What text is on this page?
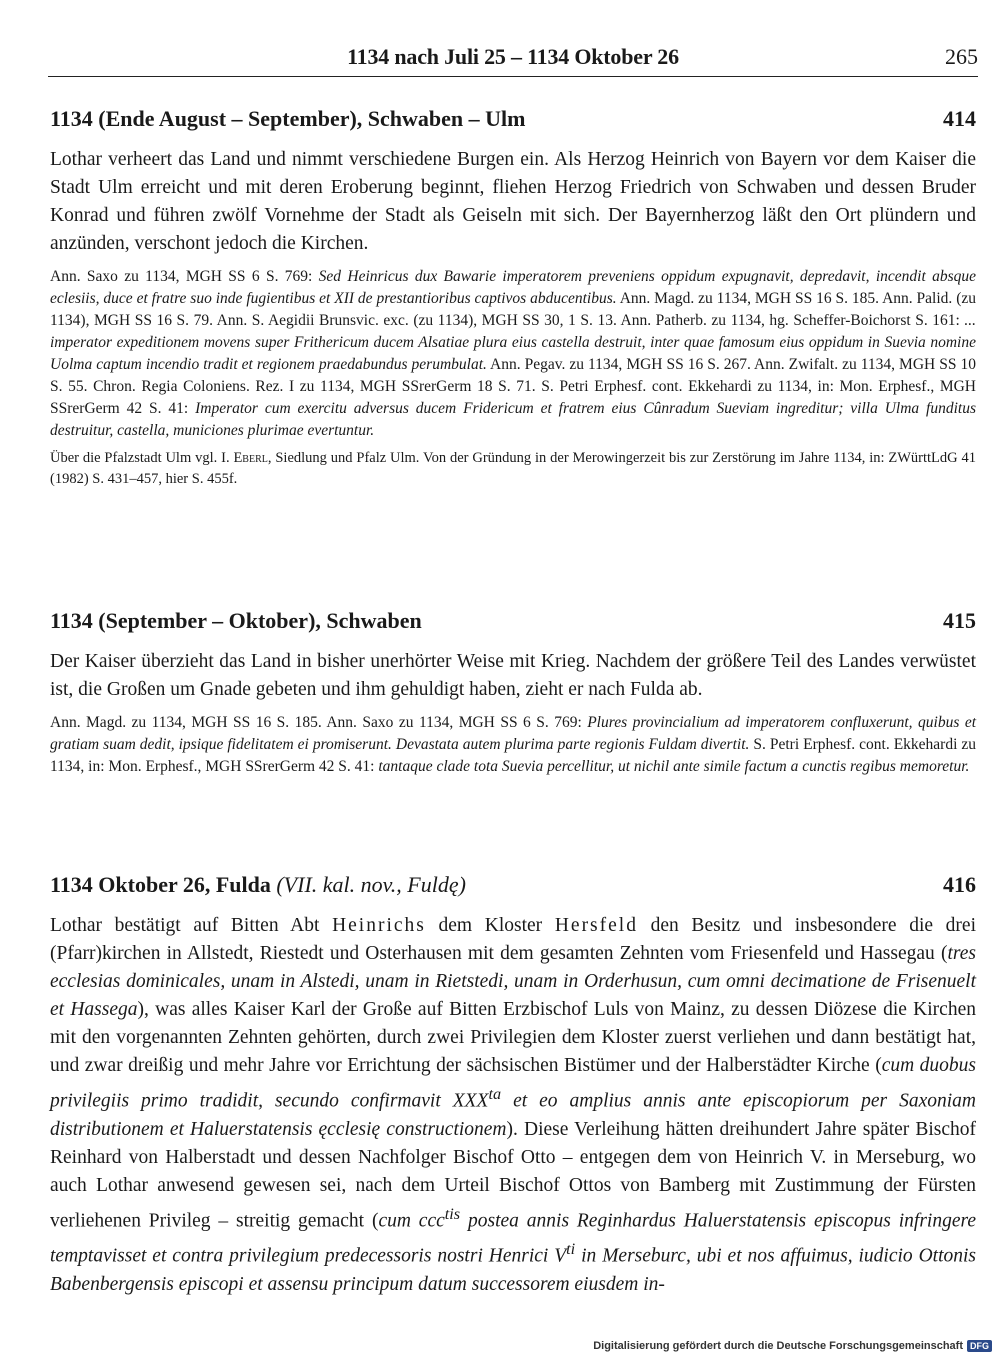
1134 nach Juli 25 – 1134 Oktober 26	265
1134 (Ende August – September), Schwaben – Ulm	414

Lothar verheert das Land und nimmt verschiedene Burgen ein. Als Herzog Heinrich von Bayern vor dem Kaiser die Stadt Ulm erreicht und mit deren Eroberung beginnt, fliehen Herzog Friedrich von Schwaben und dessen Bruder Konrad und führen zwölf Vornehme der Stadt als Geiseln mit sich. Der Bayernherzog läßt den Ort plündern und anzünden, verschont jedoch die Kirchen.

Ann. Saxo zu 1134, MGH SS 6 S. 769: Sed Heinricus dux Bawarie imperatorem preveniens oppidum expugnavit, depredavit, incendit absque eclesiis, duce et fratre suo inde fugientibus et XII de prestantioribus captivos abducentibus. Ann. Magd. zu 1134, MGH SS 16 S. 185. Ann. Palid. (zu 1134), MGH SS 16 S. 79. Ann. S. Aegidii Brunsvic. exc. (zu 1134), MGH SS 30, 1 S. 13. Ann. Patherb. zu 1134, hg. Scheffer-Boichorst S. 161: ... imperator expeditionem movens super Frithericum ducem Alsatiae plura eius castella destruit, inter quae famosum eius oppidum in Suevia nomine Uolma captum incendio tradit et regionem praedabundus perumbulat. Ann. Pegav. zu 1134, MGH SS 16 S. 267. Ann. Zwifalt. zu 1134, MGH SS 10 S. 55. Chron. Regia Coloniens. Rez. I zu 1134, MGH SSrerGerm 18 S. 71. S. Petri Erphesf. cont. Ekkehardi zu 1134, in: Mon. Erphesf., MGH SSrerGerm 42 S. 41: Imperator cum exercitu adversus ducem Fridericum et fratrem eius Cûnradum Sueviam ingreditur; villa Ulma funditus destruitur, castella, municiones plurimae evertuntur.

Über die Pfalzstadt Ulm vgl. I. Eberl, Siedlung und Pfalz Ulm. Von der Gründung in der Merowingerzeit bis zur Zerstörung im Jahre 1134, in: ZWürttLdG 41 (1982) S. 431–457, hier S. 455f.

1134 (September – Oktober), Schwaben	415

Der Kaiser überzieht das Land in bisher unerhörter Weise mit Krieg. Nachdem der größere Teil des Landes verwüstet ist, die Großen um Gnade gebeten und ihm gehuldigt haben, zieht er nach Fulda ab.

Ann. Magd. zu 1134, MGH SS 16 S. 185. Ann. Saxo zu 1134, MGH SS 6 S. 769: Plures provincialium ad imperatorem confluxerunt, quibus et gratiam suam dedit, ipsique fidelitatem ei promiserunt. Devastata autem plurima parte regionis Fuldam divertit. S. Petri Erphesf. cont. Ekkehardi zu 1134, in: Mon. Erphesf., MGH SSrerGerm 42 S. 41: tantaque clade tota Suevia percellitur, ut nichil ante simile factum a cunctis regibus memoretur.

1134 Oktober 26, Fulda (VII. kal. nov., Fuldę)	416

Lothar bestätigt auf Bitten Abt Heinrichs dem Kloster Hersfeld den Besitz und insbesondere die drei (Pfarr)kirchen in Allstedt, Riestedt und Osterhausen mit dem gesamten Zehnten vom Friesenfeld und Hassegau (tres ecclesias dominicales, unam in Alstedi, unam in Rietstedi, unam in Orderhusun, cum omni decimatione de Frisenuelt et Hassega), was alles Kaiser Karl der Große auf Bitten Erzbischof Luls von Mainz, zu dessen Diözese die Kirchen mit den vorgenannten Zehnten gehörten, durch zwei Privilegien dem Kloster zuerst verliehen und dann bestätigt hat, und zwar dreißig und mehr Jahre vor Errichtung der sächsischen Bistümer und der Halberstädter Kirche (cum duobus privilegiis primo tradidit, secundo confirmavit $XXX^{ta}$ et eo amplius annis ante episcopiorum per Saxoniam distributionem et Haluerstatensis ęcclesię constructionem). Diese Verleihung hätten dreihundert Jahre später Bischof Reinhard von Halberstadt und dessen Nachfolger Bischof Otto – entgegen dem von Heinrich V. in Merseburg, wo auch Lothar anwesend gewesen sei, nach dem Urteil Bischof Ottos von Bamberg mit Zustimmung der Fürsten verliehenen Privileg – streitig gemacht (cum ccc$^{tis}$ postea annis Reginhardus Haluerstatensis episcopus infringere temptavisset et contra privilegium predecessoris nostri Henrici $V^{ti}$ in Merseburc, ubi et nos affuimus, iudicio Ottonis Babenbergensis episcopi et assensu principum datum successorem eiusdem in-

Digitalisierung gefördert durch die Deutsche Forschungsgemeinschaft DFG
